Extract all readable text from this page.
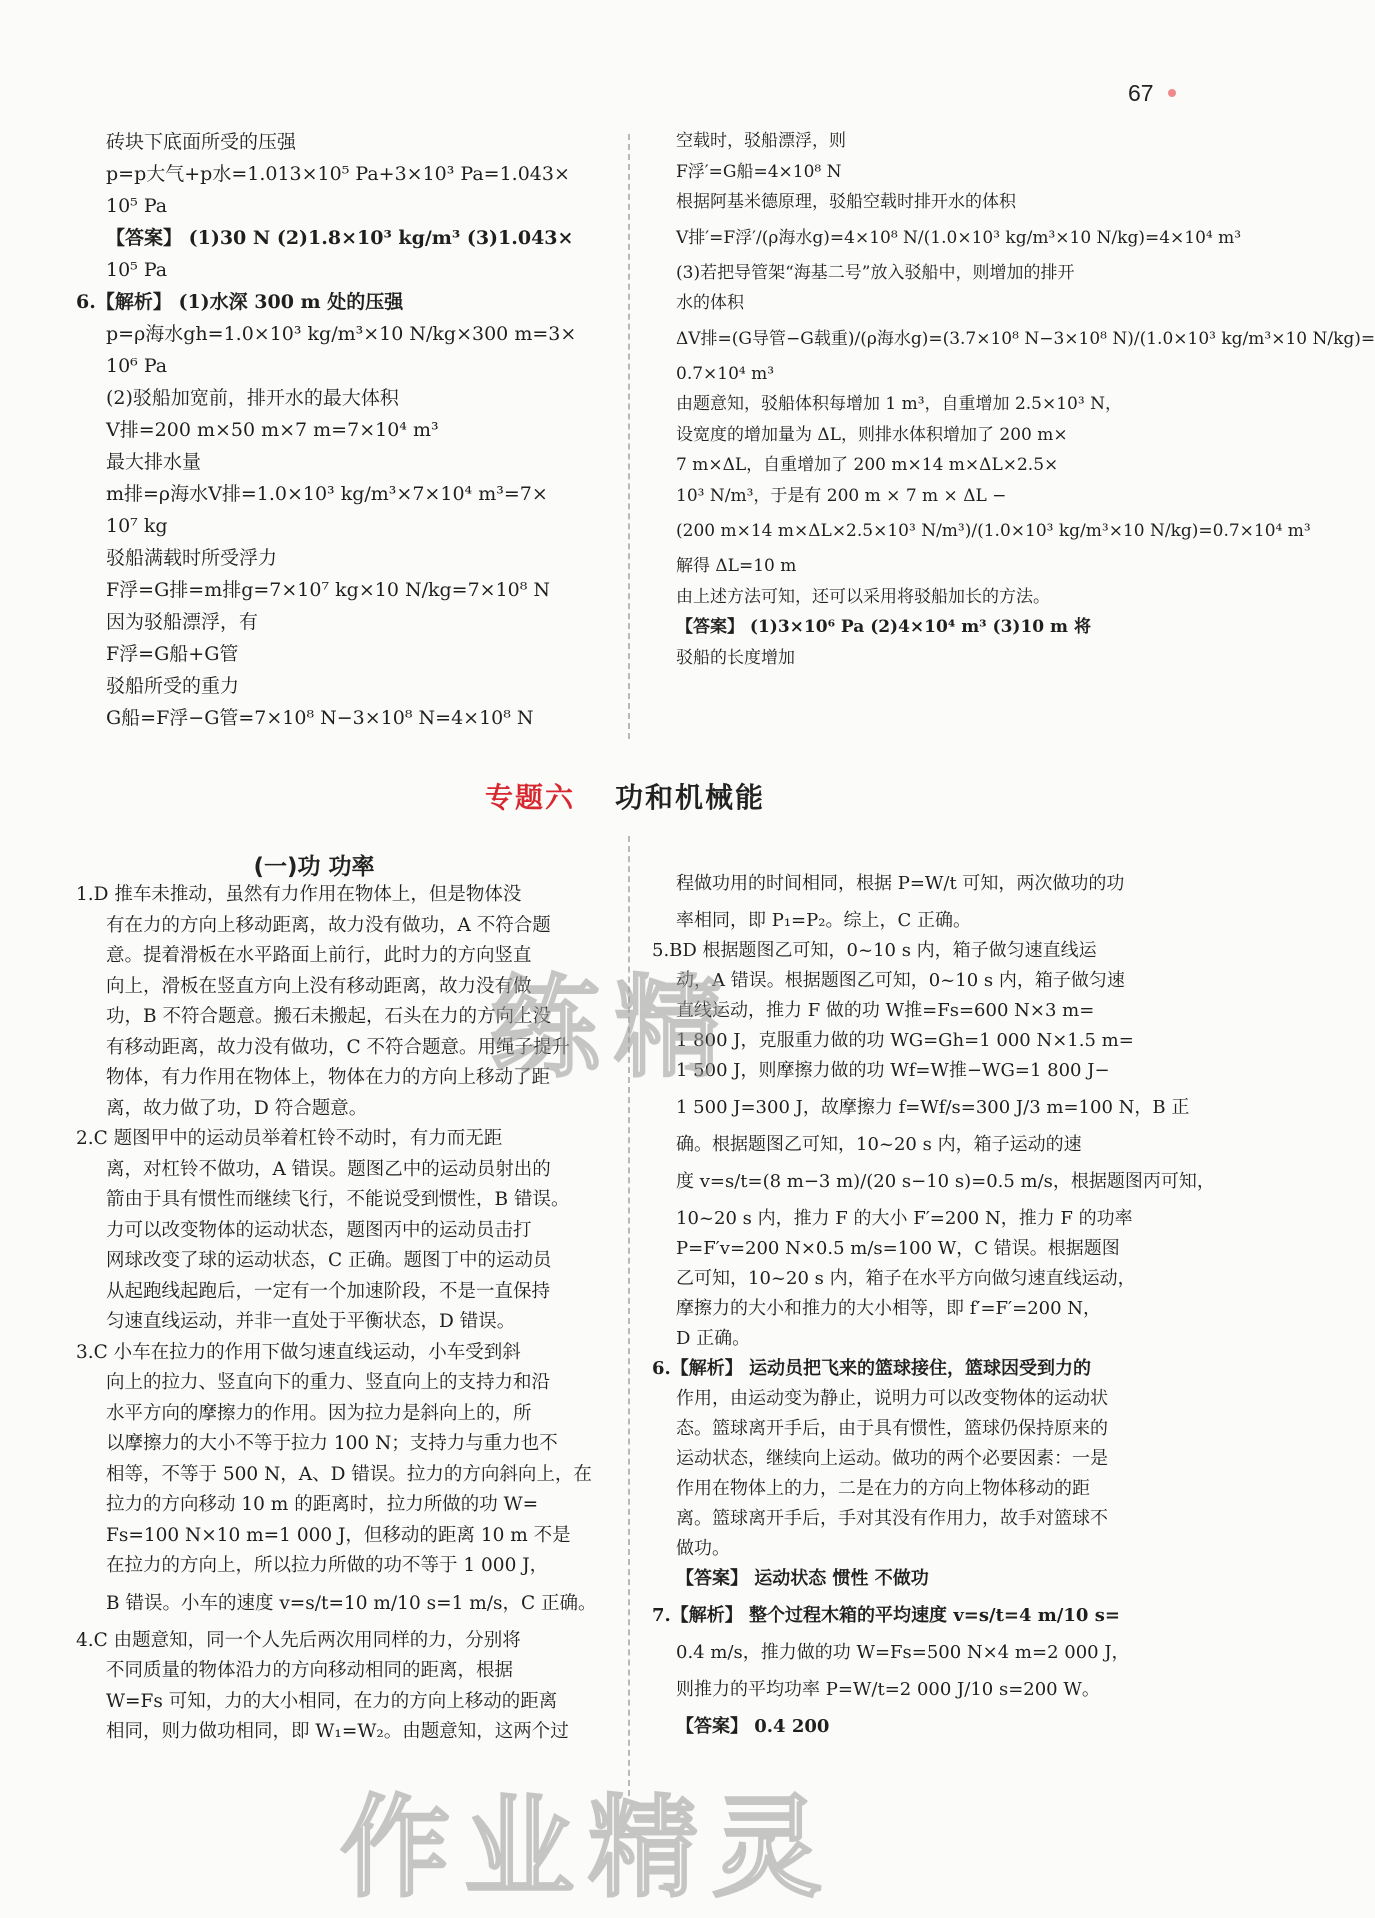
67

砖块下底面所受的压强

p=p大气+p水=1.013×10⁵ Pa+3×10³ Pa=1.043×

10⁵ Pa

【答案】 (1)30 N (2)1.8×10³ kg/m³ (3)1.043×

10⁵ Pa

6.【解析】 (1)水深 300 m 处的压强

p=ρ海水gh=1.0×10³ kg/m³×10 N/kg×300 m=3×

10⁶ Pa

(2)驳船加宽前，排开水的最大体积

V排=200 m×50 m×7 m=7×10⁴ m³

最大排水量

m排=ρ海水V排=1.0×10³ kg/m³×7×10⁴ m³=7×

10⁷ kg

驳船满载时所受浮力

F浮=G排=m排g=7×10⁷ kg×10 N/kg=7×10⁸ N

因为驳船漂浮，有

F浮=G船+G管

驳船所受的重力

G船=F浮−G管=7×10⁸ N−3×10⁸ N=4×10⁸ N

空载时，驳船漂浮，则

F浮′=G船=4×10⁸ N

根据阿基米德原理，驳船空载时排开水的体积

V排′=F浮′/(ρ海水g)=4×10⁸ N/(1.0×10³ kg/m³×10 N/kg)=4×10⁴ m³

(3)若把导管架“海基二号”放入驳船中，则增加的排开

水的体积

ΔV排=(G导管−G载重)/(ρ海水g)=(3.7×10⁸ N−3×10⁸ N)/(1.0×10³ kg/m³×10 N/kg)=

0.7×10⁴ m³

由题意知，驳船体积每增加 1 m³，自重增加 2.5×10³ N，

设宽度的增加量为 ΔL，则排水体积增加了 200 m×

7 m×ΔL，自重增加了 200 m×14 m×ΔL×2.5×

10³ N/m³，于是有 200 m × 7 m × ΔL −

(200 m×14 m×ΔL×2.5×10³ N/m³)/(1.0×10³ kg/m³×10 N/kg)=0.7×10⁴ m³

解得 ΔL=10 m

由上述方法可知，还可以采用将驳船加长的方法。

【答案】 (1)3×10⁶ Pa (2)4×10⁴ m³ (3)10 m 将

驳船的长度增加

专题六 功和机械能
(一)功 功率

1.D 推车未推动，虽然有力作用在物体上，但是物体没

有在力的方向上移动距离，故力没有做功，A 不符合题

意。提着滑板在水平路面上前行，此时力的方向竖直

向上，滑板在竖直方向上没有移动距离，故力没有做

功，B 不符合题意。搬石未搬起，石头在力的方向上没

有移动距离，故力没有做功，C 不符合题意。用绳子提升

物体，有力作用在物体上，物体在力的方向上移动了距

离，故力做了功，D 符合题意。

2.C 题图甲中的运动员举着杠铃不动时，有力而无距

离，对杠铃不做功，A 错误。题图乙中的运动员射出的

箭由于具有惯性而继续飞行，不能说受到惯性，B 错误。

力可以改变物体的运动状态，题图丙中的运动员击打

网球改变了球的运动状态，C 正确。题图丁中的运动员

从起跑线起跑后，一定有一个加速阶段，不是一直保持

匀速直线运动，并非一直处于平衡状态，D 错误。

3.C 小车在拉力的作用下做匀速直线运动，小车受到斜

向上的拉力、竖直向下的重力、竖直向上的支持力和沿

水平方向的摩擦力的作用。因为拉力是斜向上的，所

以摩擦力的大小不等于拉力 100 N；支持力与重力也不

相等，不等于 500 N，A、D 错误。拉力的方向斜向上，在

拉力的方向移动 10 m 的距离时，拉力所做的功 W=

Fs=100 N×10 m=1 000 J，但移动的距离 10 m 不是

在拉力的方向上，所以拉力所做的功不等于 1 000 J，

B 错误。小车的速度 v=s/t=10 m/10 s=1 m/s，C 正确。

4.C 由题意知，同一个人先后两次用同样的力，分别将

不同质量的物体沿力的方向移动相同的距离，根据

W=Fs 可知，力的大小相同，在力的方向上移动的距离

相同，则力做功相同，即 W₁=W₂。由题意知，这两个过

程做功用的时间相同，根据 P=W/t 可知，两次做功的功

率相同，即 P₁=P₂。综上，C 正确。

5.BD 根据题图乙可知，0~10 s 内，箱子做匀速直线运

动，A 错误。根据题图乙可知，0~10 s 内，箱子做匀速

直线运动，推力 F 做的功 W推=Fs=600 N×3 m=

1 800 J，克服重力做的功 WG=Gh=1 000 N×1.5 m=

1 500 J，则摩擦力做的功 Wf=W推−WG=1 800 J−

1 500 J=300 J，故摩擦力 f=Wf/s=300 J/3 m=100 N，B 正

确。根据题图乙可知，10~20 s 内，箱子运动的速

度 v=s/t=(8 m−3 m)/(20 s−10 s)=0.5 m/s，根据题图丙可知，

10~20 s 内，推力 F 的大小 F′=200 N，推力 F 的功率

P=F′v=200 N×0.5 m/s=100 W，C 错误。根据题图

乙可知，10~20 s 内，箱子在水平方向做匀速直线运动，

摩擦力的大小和推力的大小相等，即 f′=F′=200 N，

D 正确。

6.【解析】 运动员把飞来的篮球接住，篮球因受到力的

作用，由运动变为静止，说明力可以改变物体的运动状

态。篮球离开手后，由于具有惯性，篮球仍保持原来的

运动状态，继续向上运动。做功的两个必要因素：一是

作用在物体上的力，二是在力的方向上物体移动的距

离。篮球离开手后，手对其没有作用力，故手对篮球不

做功。

【答案】 运动状态 惯性 不做功

7.【解析】 整个过程木箱的平均速度 v=s/t=4 m/10 s=

0.4 m/s，推力做的功 W=Fs=500 N×4 m=2 000 J，

则推力的平均功率 P=W/t=2 000 J/10 s=200 W。

【答案】 0.4 200

练精
作业精灵
